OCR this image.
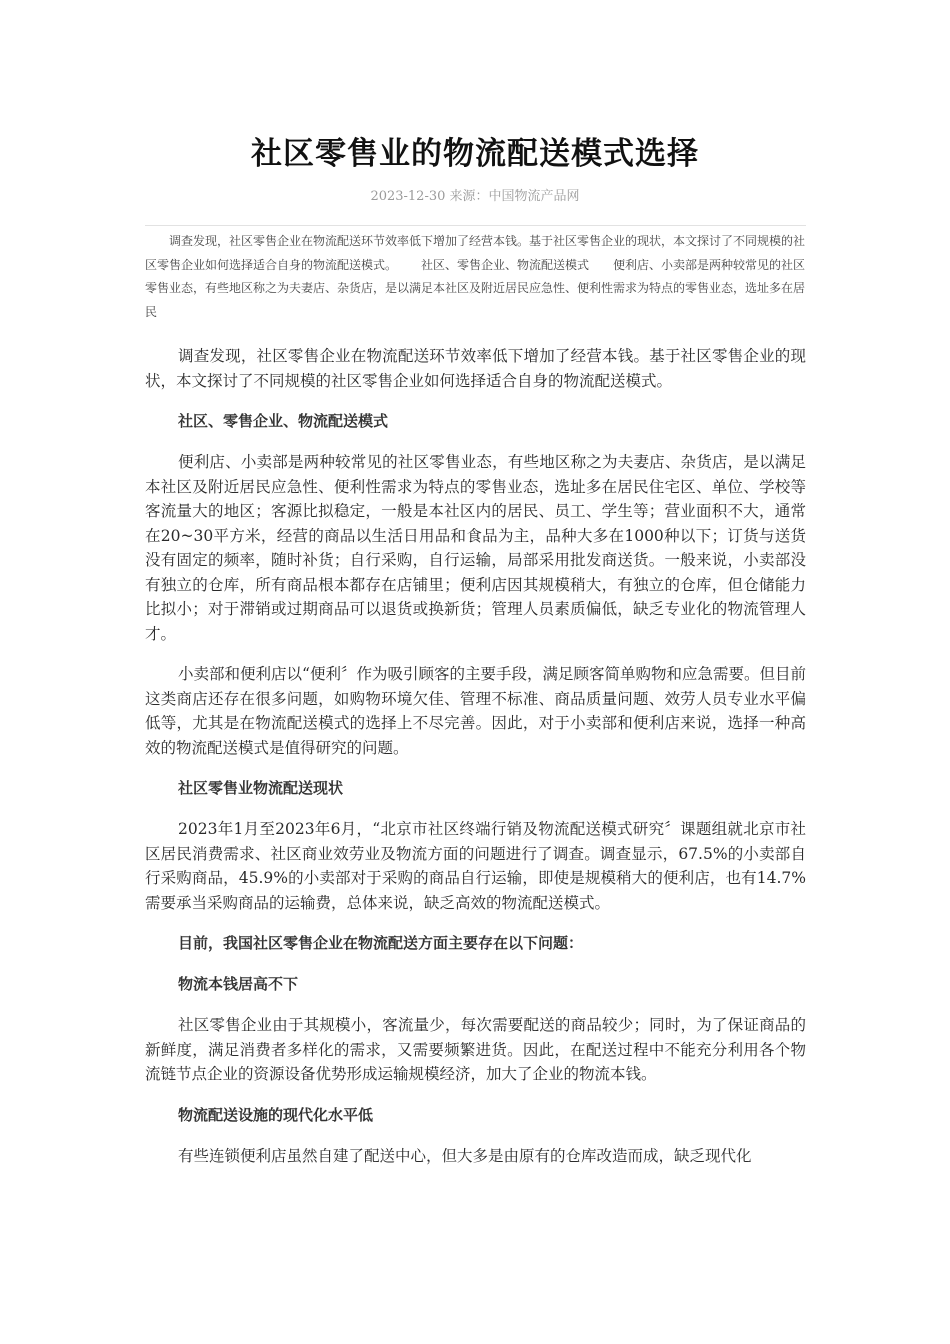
社区零售业的物流配送模式选择
2023-12-30 来源：中国物流产品网

调查发现，社区零售企业在物流配送环节效率低下增加了经营本钱。基于社区零售企业的现状，本文探讨了不同规模的社区零售企业如何选择适合自身的物流配送模式。 社区、零售企业、物流配送模式 便利店、小卖部是两种较常见的社区零售业态，有些地区称之为夫妻店、杂货店，是以满足本社区及附近居民应急性、便利性需求为特点的零售业态，选址多在居民

调查发现，社区零售企业在物流配送环节效率低下增加了经营本钱。基于社区零售企业的现状，本文探讨了不同规模的社区零售企业如何选择适合自身的物流配送模式。

社区、零售企业、物流配送模式

便利店、小卖部是两种较常见的社区零售业态，有些地区称之为夫妻店、杂货店，是以满足本社区及附近居民应急性、便利性需求为特点的零售业态，选址多在居民住宅区、单位、学校等客流量大的地区；客源比拟稳定，一般是本社区内的居民、员工、学生等；营业面积不大，通常在20~30平方米，经营的商品以生活日用品和食品为主，品种大多在1000种以下；订货与送货没有固定的频率，随时补货；自行采购，自行运输，局部采用批发商送货。一般来说，小卖部没有独立的仓库，所有商品根本都存在店铺里；便利店因其规模稍大，有独立的仓库，但仓储能力比拟小；对于滞销或过期商品可以退货或换新货；管理人员素质偏低，缺乏专业化的物流管理人才。

小卖部和便利店以“便利〞作为吸引顾客的主要手段，满足顾客简单购物和应急需要。但目前这类商店还存在很多问题，如购物环境欠佳、管理不标准、商品质量问题、效劳人员专业水平偏低等，尤其是在物流配送模式的选择上不尽完善。因此，对于小卖部和便利店来说，选择一种高效的物流配送模式是值得研究的问题。

社区零售业物流配送现状

2023年1月至2023年6月，“北京市社区终端行销及物流配送模式研究〞课题组就北京市社区居民消费需求、社区商业效劳业及物流方面的问题进行了调查。调查显示，67.5%的小卖部自行采购商品，45.9%的小卖部对于采购的商品自行运输，即使是规模稍大的便利店，也有14.7%需要承当采购商品的运输费，总体来说，缺乏高效的物流配送模式。

目前，我国社区零售企业在物流配送方面主要存在以下问题：
物流本钱居高不下

社区零售企业由于其规模小，客流量少，每次需要配送的商品较少；同时，为了保证商品的新鲜度，满足消费者多样化的需求，又需要频繁进货。因此，在配送过程中不能充分利用各个物流链节点企业的资源设备优势形成运输规模经济，加大了企业的物流本钱。

物流配送设施的现代化水平低

有些连锁便利店虽然自建了配送中心，但大多是由原有的仓库改造而成，缺乏现代化
